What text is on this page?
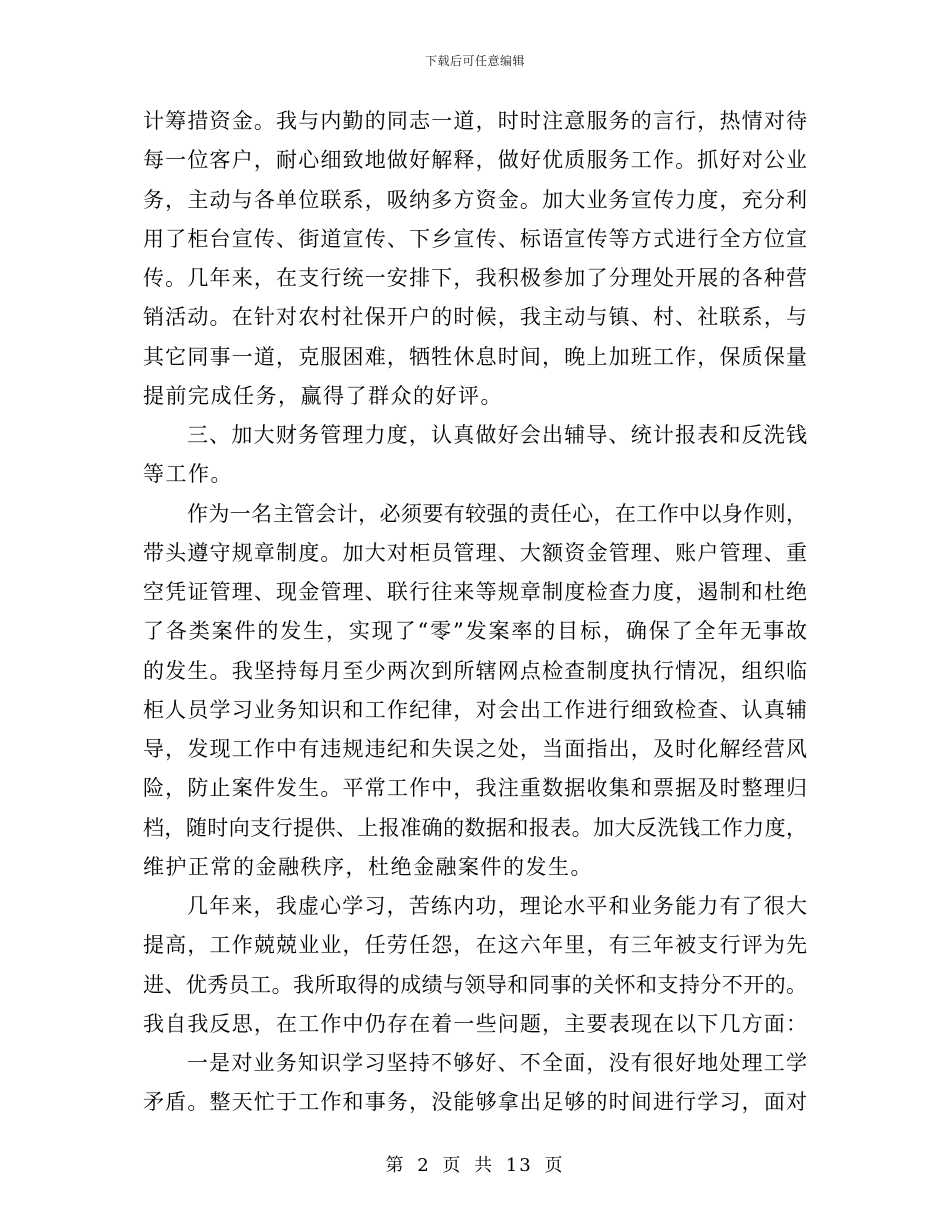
下载后可任意编辑
计筹措资金。我与内勤的同志一道，时时注意服务的言行，热情对待
每一位客户，耐心细致地做好解释，做好优质服务工作。抓好对公业
务，主动与各单位联系，吸纳多方资金。加大业务宣传力度，充分利
用了柜台宣传、街道宣传、下乡宣传、标语宣传等方式进行全方位宣
传。几年来，在支行统一安排下，我积极参加了分理处开展的各种营
销活动。在针对农村社保开户的时候，我主动与镇、村、社联系，与
其它同事一道，克服困难，牺牲休息时间，晚上加班工作，保质保量
提前完成任务，赢得了群众的好评。
三、加大财务管理力度，认真做好会出辅导、统计报表和反洗钱
等工作。
作为一名主管会计，必须要有较强的责任心，在工作中以身作则，
带头遵守规章制度。加大对柜员管理、大额资金管理、账户管理、重
空凭证管理、现金管理、联行往来等规章制度检查力度，遏制和杜绝
了各类案件的发生，实现了“零”发案率的目标，确保了全年无事故
的发生。我坚持每月至少两次到所辖网点检查制度执行情况，组织临
柜人员学习业务知识和工作纪律，对会出工作进行细致检查、认真辅
导，发现工作中有违规违纪和失误之处，当面指出，及时化解经营风
险，防止案件发生。平常工作中，我注重数据收集和票据及时整理归
档，随时向支行提供、上报准确的数据和报表。加大反洗钱工作力度，
维护正常的金融秩序，杜绝金融案件的发生。
几年来，我虚心学习，苦练内功，理论水平和业务能力有了很大
提高，工作兢兢业业，任劳任怨，在这六年里，有三年被支行评为先
进、优秀员工。我所取得的成绩与领导和同事的关怀和支持分不开的。
我自我反思，在工作中仍存在着一些问题，主要表现在以下几方面：
一是对业务知识学习坚持不够好、不全面，没有很好地处理工学
矛盾。整天忙于工作和事务，没能够拿出足够的时间进行学习，面对
第 2 页 共 13 页
